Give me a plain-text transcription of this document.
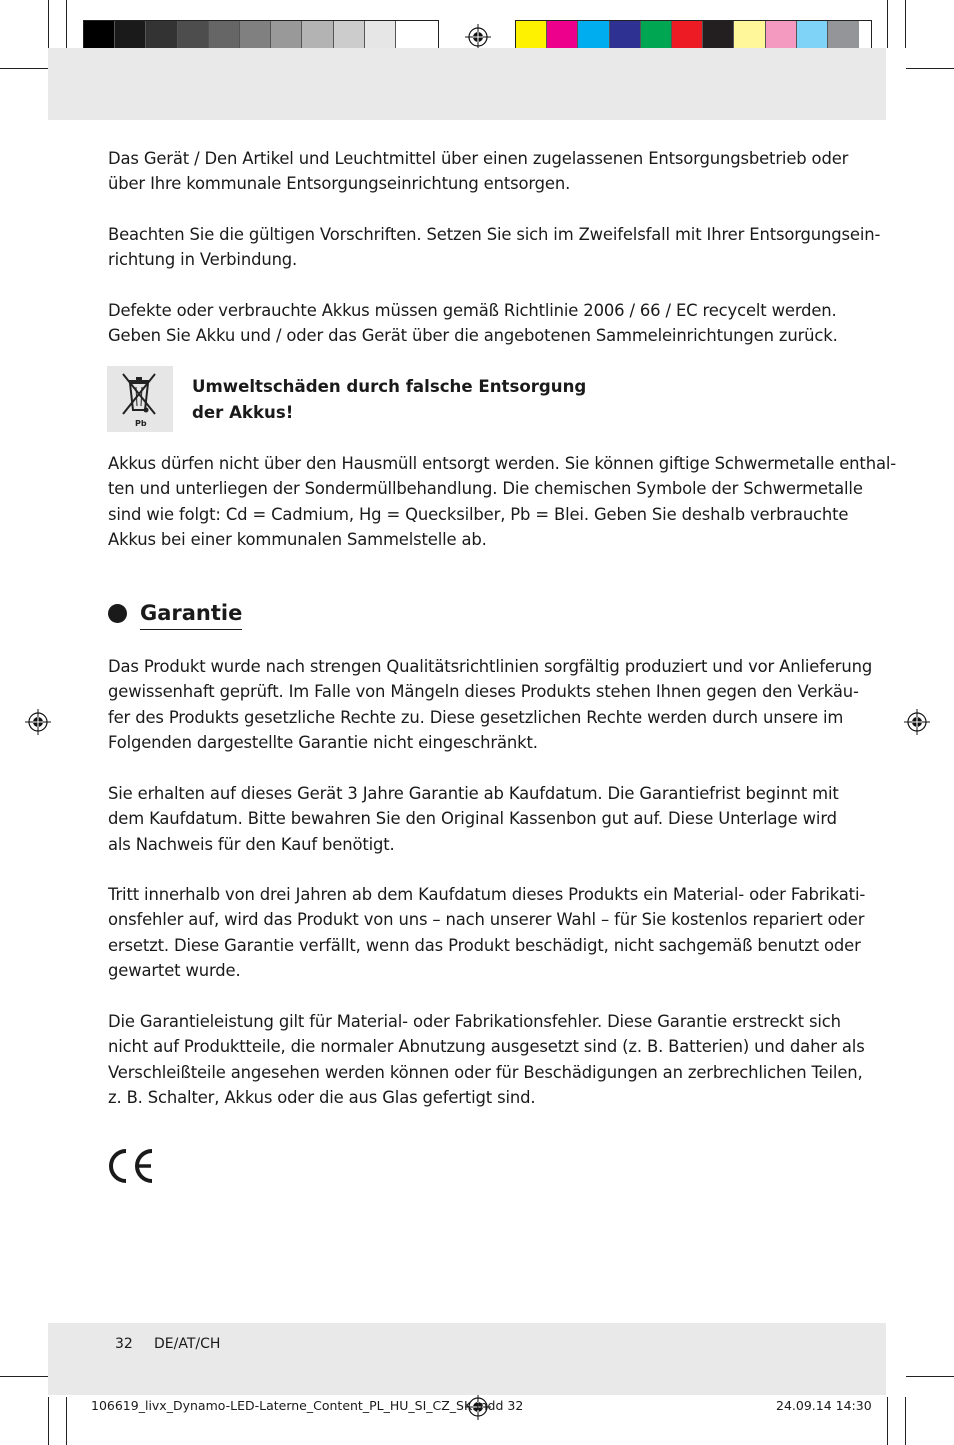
Das Gerät / Den Artikel und Leuchtmittel über einen zugelassenen Entsorgungsbetrieb oder
über Ihre kommunale Entsorgungseinrichtung entsorgen.

Beachten Sie die gültigen Vorschriften. Setzen Sie sich im Zweifelsfall mit Ihrer Entsorgungsein-
richtung in Verbindung.

Defekte oder verbrauchte Akkus müssen gemäß Richtlinie 2006 / 66 / EC recycelt werden.
Geben Sie Akku und / oder das Gerät über die angebotenen Sammeleinrichtungen zurück.

Pb
Umweltschäden durch falsche Entsorgung
der Akkus!

Akkus dürfen nicht über den Hausmüll entsorgt werden. Sie können giftige Schwermetalle enthal-
ten und unterliegen der Sondermüllbehandlung. Die chemischen Symbole der Schwermetalle
sind wie folgt: Cd = Cadmium, Hg = Quecksilber, Pb = Blei. Geben Sie deshalb verbrauchte
Akkus bei einer kommunalen Sammelstelle ab.

Garantie

Das Produkt wurde nach strengen Qualitätsrichtlinien sorgfältig produziert und vor Anlieferung
gewissenhaft geprüft. Im Falle von Mängeln dieses Produkts stehen Ihnen gegen den Verkäu-
fer des Produkts gesetzliche Rechte zu. Diese gesetzlichen Rechte werden durch unsere im
Folgenden dargestellte Garantie nicht eingeschränkt.

Sie erhalten auf dieses Gerät 3 Jahre Garantie ab Kaufdatum. Die Garantiefrist beginnt mit
dem Kaufdatum. Bitte bewahren Sie den Original Kassenbon gut auf. Diese Unterlage wird
als Nachweis für den Kauf benötigt.

Tritt innerhalb von drei Jahren ab dem Kaufdatum dieses Produkts ein Material- oder Fabrikati-
onsfehler auf, wird das Produkt von uns – nach unserer Wahl – für Sie kostenlos repariert oder
ersetzt. Diese Garantie verfällt, wenn das Produkt beschädigt, nicht sachgemäß benutzt oder
gewartet wurde.

Die Garantieleistung gilt für Material- oder Fabrikationsfehler. Diese Garantie erstreckt sich
nicht auf Produktteile, die normaler Abnutzung ausgesetzt sind (z. B. Batterien) und daher als
Verschleißteile angesehen werden können oder für Beschädigungen an zerbrechlichen Teilen,
z. B. Schalter, Akkus oder die aus Glas gefertigt sind.

32 DE/AT/CH
106619_livx_Dynamo-LED-Laterne_Content_PL_HU_SI_CZ_SK.indd 32	24.09.14 14:30
